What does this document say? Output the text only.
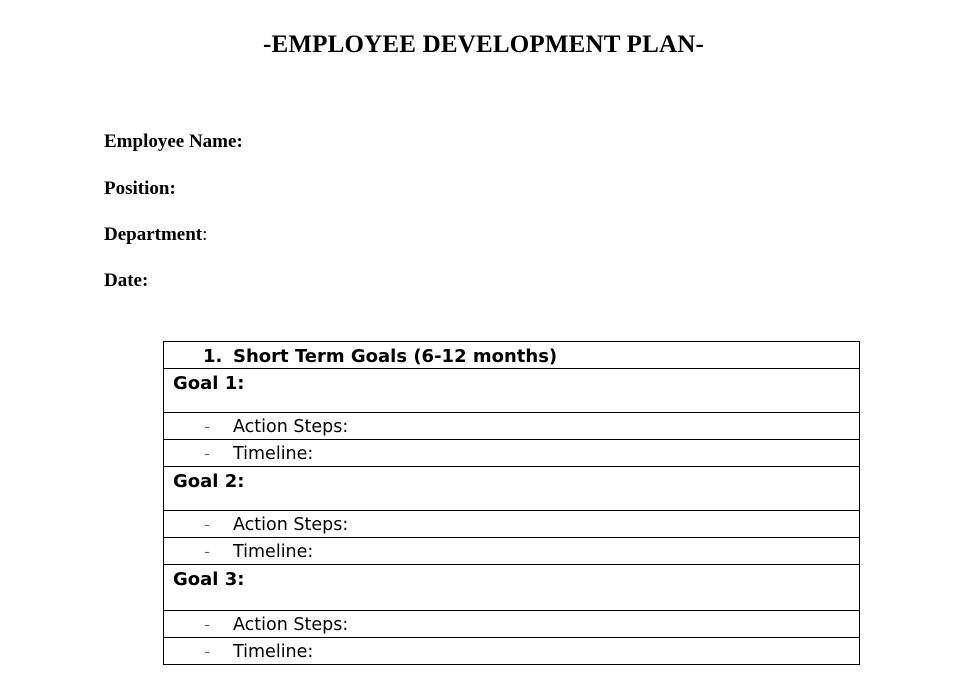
-EMPLOYEE DEVELOPMENT PLAN-
Employee Name:
Position:
Department:
Date:
1. Short Term Goals (6-12 months)

Goal 1:

- Action Steps:

- Timeline:

Goal 2:

- Action Steps:

- Timeline:

Goal 3:

- Action Steps:

- Timeline:
